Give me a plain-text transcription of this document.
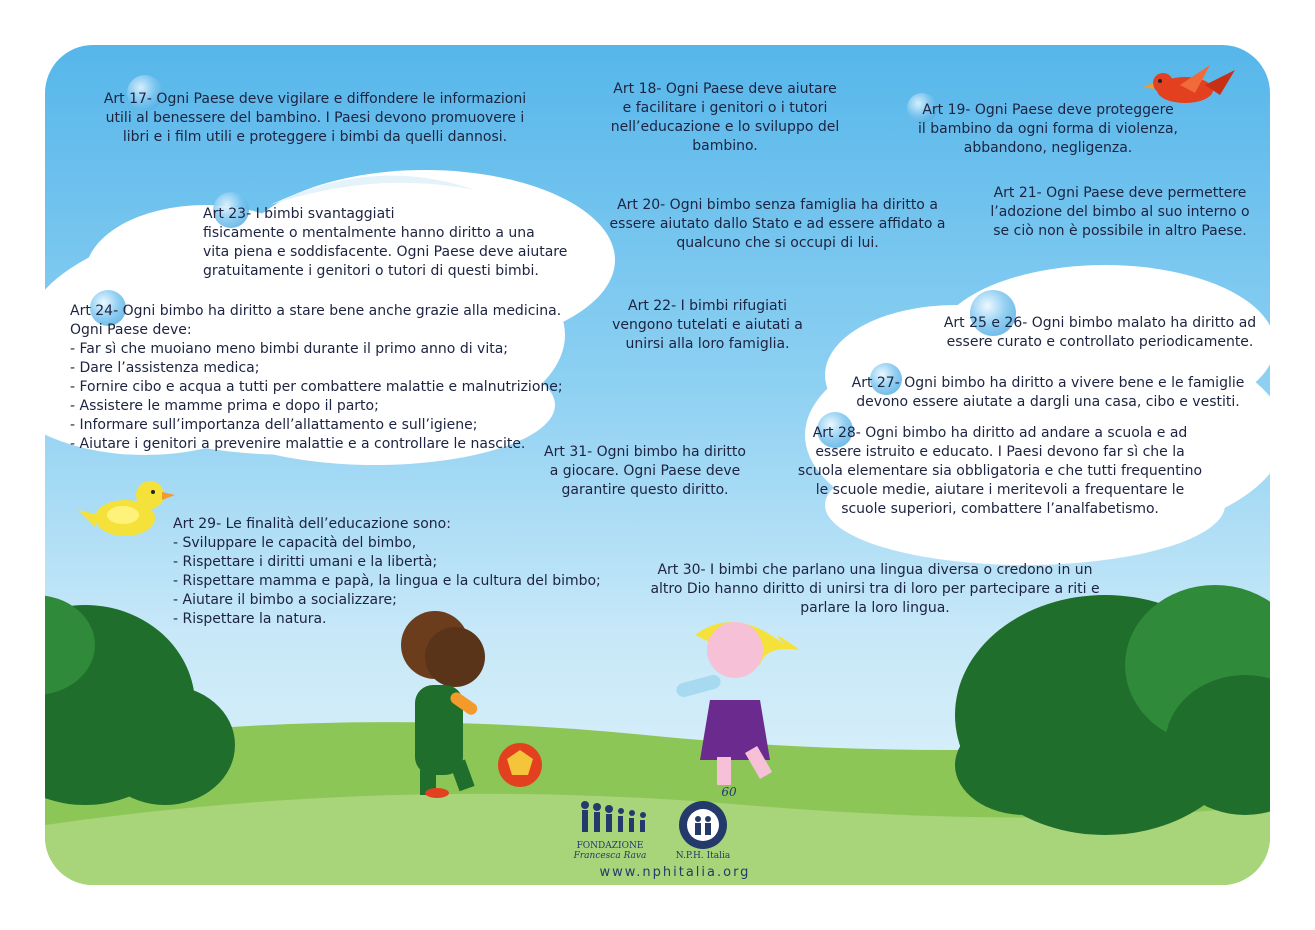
Art 17- Ogni Paese deve vigilare e diffondere le informazioni
utili al benessere del bambino. I Paesi devono promuovere i
libri e i film utili e proteggere i bimbi da quelli dannosi.
Art 18- Ogni Paese deve aiutare
e facilitare i genitori o i tutori
nell’educazione e lo sviluppo del
bambino.
Art 19- Ogni Paese deve proteggere
il bambino da ogni forma di violenza,
abbandono, negligenza.
Art 20- Ogni bimbo senza famiglia ha diritto a
essere aiutato dallo Stato e ad essere affidato a
qualcuno che si occupi di lui.
Art 21- Ogni Paese deve permettere
l’adozione del bimbo al suo interno o
se ciò non è possibile in altro Paese.
Art 22- I bimbi rifugiati
vengono tutelati e aiutati a
unirsi alla loro famiglia.
Art 23- I bimbi svantaggiati
fisicamente o mentalmente hanno diritto a una
vita piena e soddisfacente. Ogni Paese deve aiutare
gratuitamente i genitori o tutori di questi bimbi.
Art 24- Ogni bimbo ha diritto a stare bene anche grazie alla medicina.
Ogni Paese deve:
- Far sì che muoiano meno bimbi durante il primo anno di vita;
- Dare l’assistenza medica;
- Fornire cibo e acqua a tutti per combattere malattie e malnutrizione;
- Assistere le mamme prima e dopo il parto;
- Informare sull’importanza dell’allattamento e sull’igiene;
- Aiutare i genitori a prevenire malattie e a controllare le nascite.
Art 25 e 26- Ogni bimbo malato ha diritto ad
essere curato e controllato periodicamente.
Art 27- Ogni bimbo ha diritto a vivere bene e le famiglie
devono essere aiutate a dargli una casa, cibo e vestiti.
Art 28- Ogni bimbo ha diritto ad andare a scuola e ad
essere istruito e educato. I Paesi devono far sì che la
scuola elementare sia obbligatoria e che tutti frequentino
le scuole medie, aiutare i meritevoli a frequentare le
scuole superiori, combattere l’analfabetismo.
Art 31- Ogni bimbo ha diritto
a giocare. Ogni Paese deve
garantire questo diritto.
Art 29- Le finalità dell’educazione sono:
- Sviluppare le capacità del bimbo,
- Rispettare i diritti umani e la libertà;
- Rispettare mamma e papà, la lingua e la cultura del bimbo;
- Aiutare il bimbo a socializzare;
- Rispettare la natura.
Art 30- I bimbi che parlano una lingua diversa o credono in un
altro Dio hanno diritto di unirsi tra di loro per partecipare a riti e
parlare la loro lingua.
FONDAZIONE
Francesca Rava	N.P.H. Italia
60
www.nphitalia.org
